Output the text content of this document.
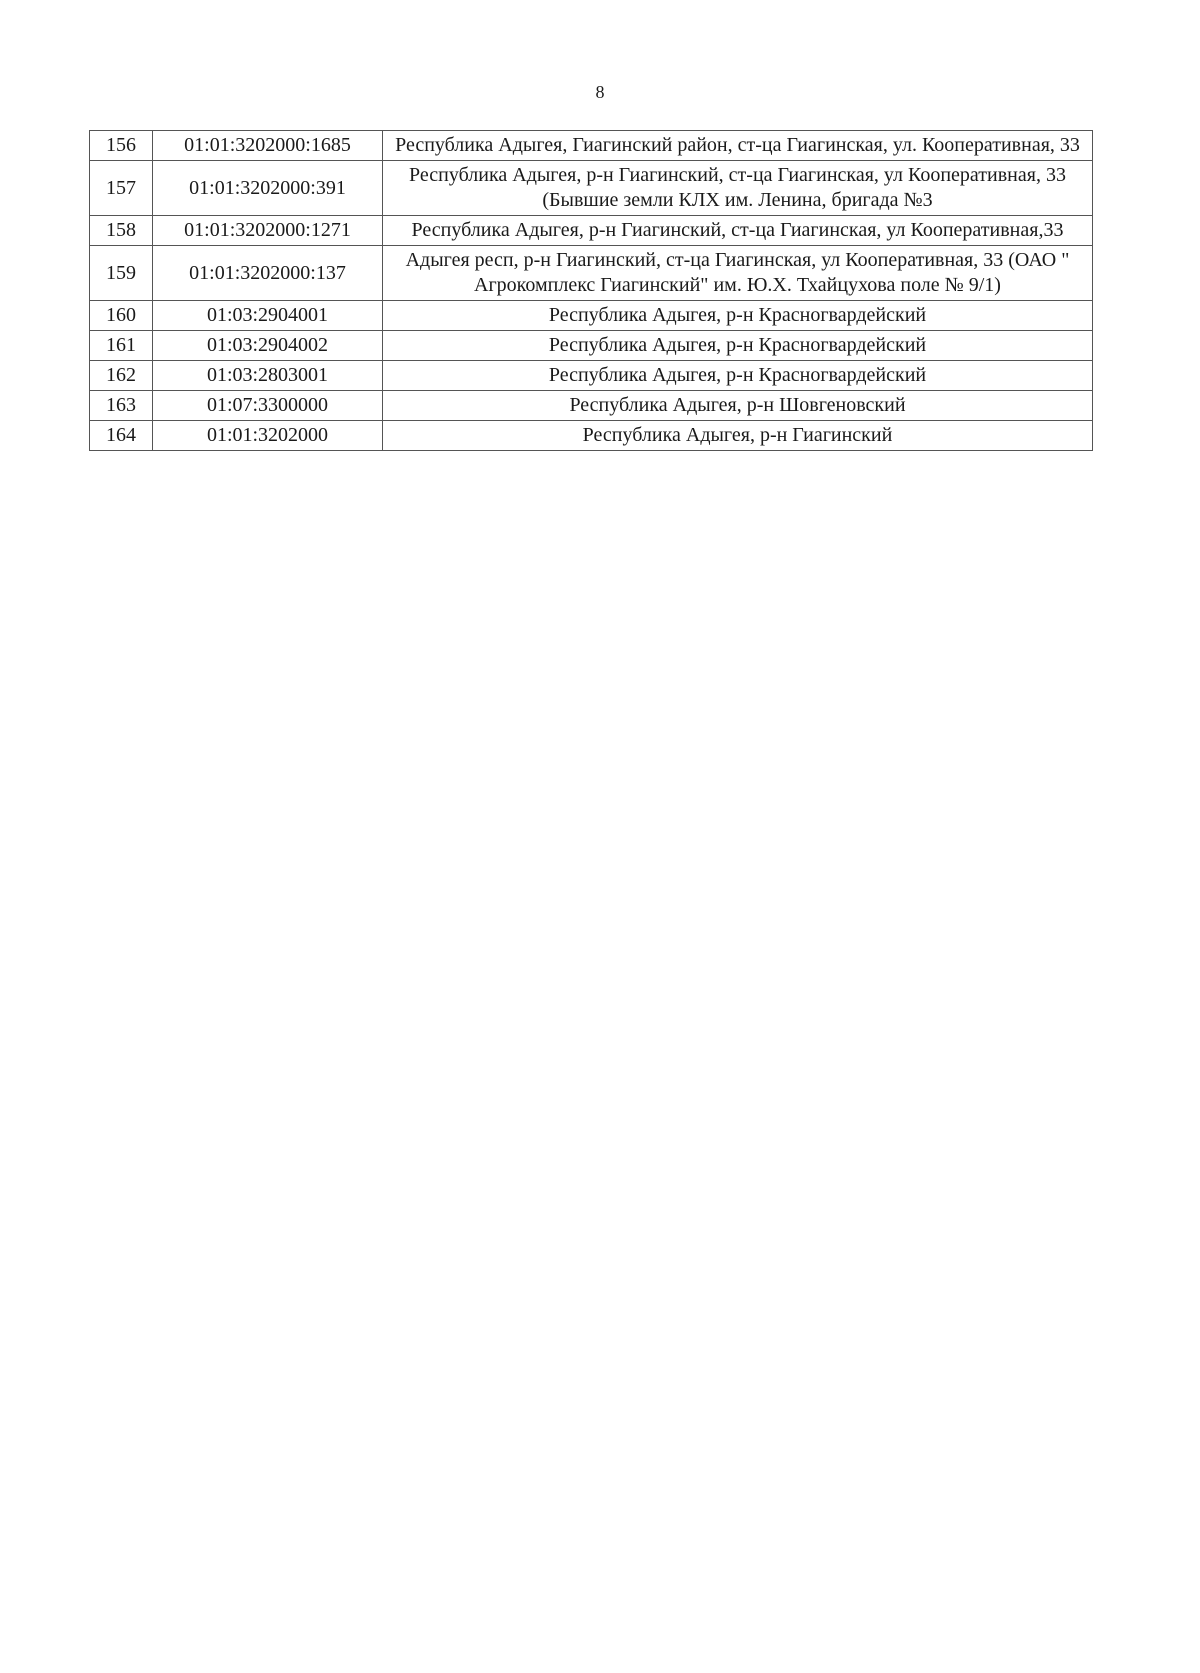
8
156	01:01:3202000:1685	Республика Адыгея, Гиагинский район, ст-ца Гиагинская, ул. Кооперативная, 33
157	01:01:3202000:391	Республика Адыгея, р-н Гиагинский, ст-ца Гиагинская, ул Кооперативная, 33 (Бывшие земли КЛХ им. Ленина, бригада №3
158	01:01:3202000:1271	Республика Адыгея, р-н Гиагинский, ст-ца Гиагинская, ул Кооперативная,33
159	01:01:3202000:137	Адыгея респ, р-н Гиагинский, ст-ца Гиагинская, ул Кооперативная, 33 (ОАО " Агрокомплекс Гиагинский" им. Ю.Х. Тхайцухова поле № 9/1)
160	01:03:2904001	Республика Адыгея, р-н Красногвардейский
161	01:03:2904002	Республика Адыгея, р-н Красногвардейский
162	01:03:2803001	Республика Адыгея, р-н Красногвардейский
163	01:07:3300000	Республика Адыгея, р-н Шовгеновский
164	01:01:3202000	Республика Адыгея, р-н Гиагинский
